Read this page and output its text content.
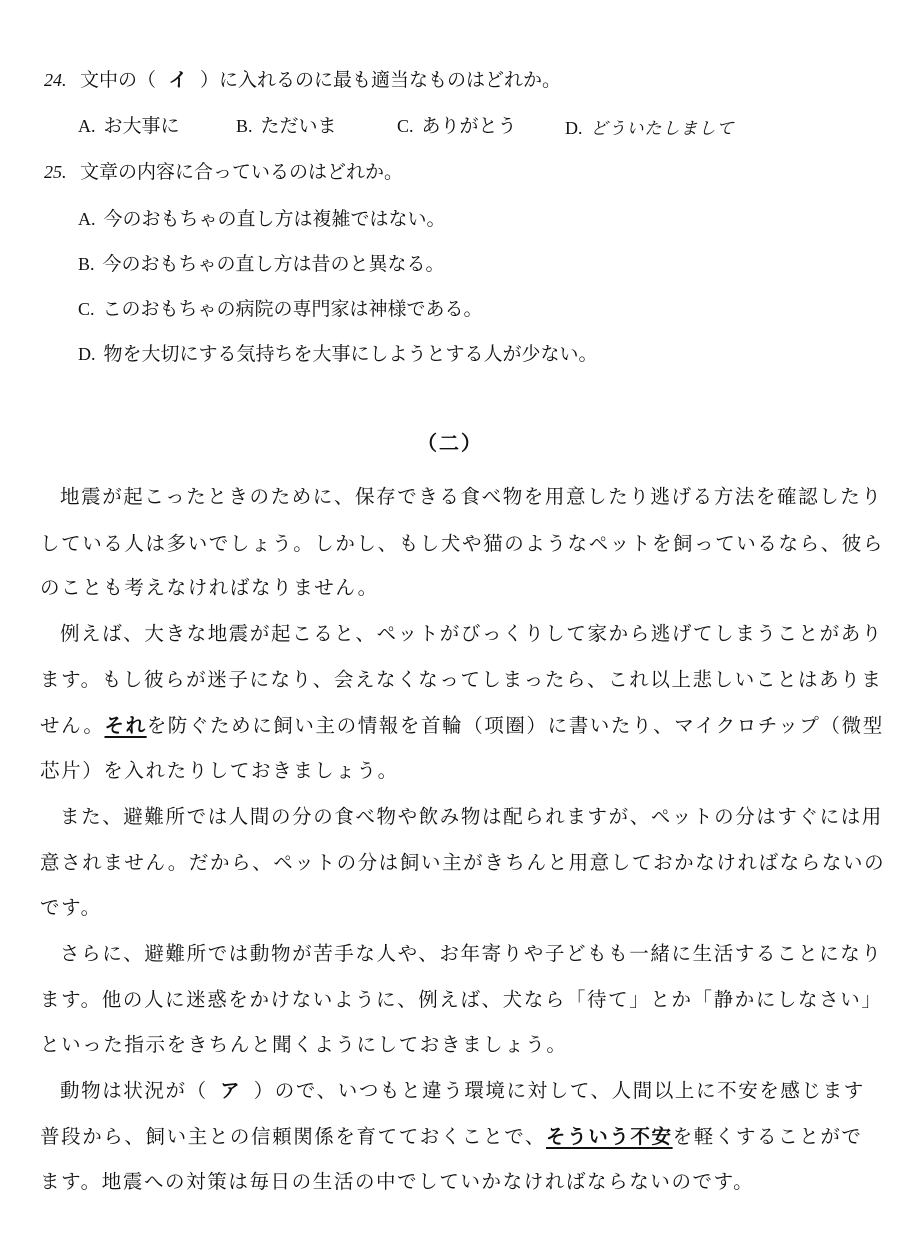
24. 文中の（ イ ）に入れるのに最も適当なものはどれか。
A. お大事に	B. ただいま	C. ありがとう	D. どういたしまして
25. 文章の内容に合っているのはどれか。
A. 今のおもちゃの直し方は複雑ではない。
B. 今のおもちゃの直し方は昔のと異なる。
C. このおもちゃの病院の専門家は神様である。
D. 物を大切にする気持ちを大事にしようとする人が少ない。
（二）
地震が起こったときのために、保存できる食べ物を用意したり逃げる方法を確認したり
している人は多いでしょう。しかし、もし犬や猫のようなペットを飼っているなら、彼ら
のことも考えなければなりません。
例えば、大きな地震が起こると、ペットがびっくりして家から逃げてしまうことがあり
ます。もし彼らが迷子になり、会えなくなってしまったら、これ以上悲しいことはありま
せん。それを防ぐために飼い主の情報を首輪（项圈）に書いたり、マイクロチップ（微型
芯片）を入れたりしておきましょう。
また、避難所では人間の分の食べ物や飲み物は配られますが、ペットの分はすぐには用
意されません。だから、ペットの分は飼い主がきちんと用意しておかなければならないの
です。
さらに、避難所では動物が苦手な人や、お年寄りや子どもも一緒に生活することになり
ます。他の人に迷惑をかけないように、例えば、犬なら「待て」とか「静かにしなさい」
といった指示をきちんと聞くようにしておきましょう。
動物は状況が（ ア ）ので、いつもと違う環境に対して、人間以上に不安を感じます
普段から、飼い主との信頼関係を育てておくことで、そういう不安を軽くすることがで
ます。地震への対策は毎日の生活の中でしていかなければならないのです。
